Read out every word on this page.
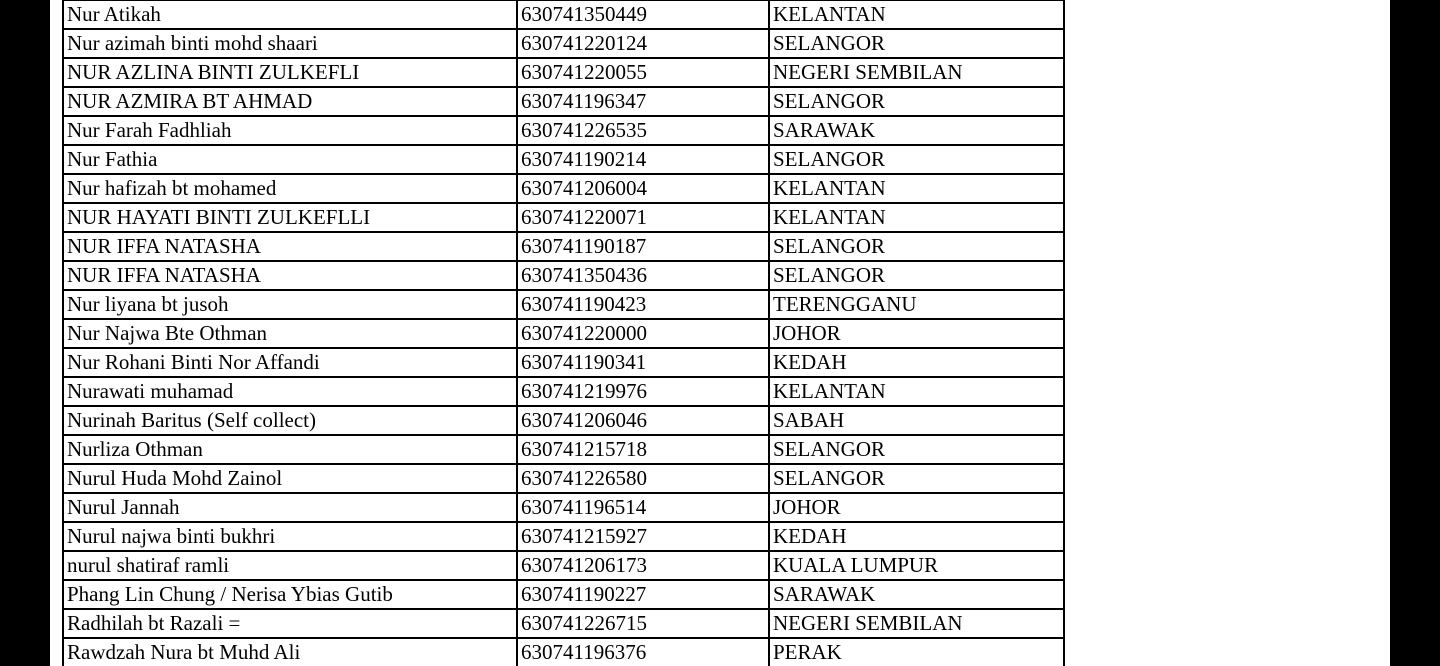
Nur Atikah	630741350449	KELANTAN
Nur azimah binti mohd shaari	630741220124	SELANGOR
NUR AZLINA BINTI ZULKEFLI	630741220055	NEGERI SEMBILAN
NUR AZMIRA BT AHMAD	630741196347	SELANGOR
Nur Farah Fadhliah	630741226535	SARAWAK
Nur Fathia	630741190214	SELANGOR
Nur hafizah bt mohamed	630741206004	KELANTAN
NUR HAYATI BINTI ZULKEFLLI	630741220071	KELANTAN
NUR IFFA NATASHA	630741190187	SELANGOR
NUR IFFA NATASHA	630741350436	SELANGOR
Nur liyana bt jusoh	630741190423	TERENGGANU
Nur Najwa Bte Othman	630741220000	JOHOR
Nur Rohani Binti Nor Affandi	630741190341	KEDAH
Nurawati muhamad	630741219976	KELANTAN
Nurinah Baritus (Self collect)	630741206046	SABAH
Nurliza Othman	630741215718	SELANGOR
Nurul Huda Mohd Zainol	630741226580	SELANGOR
Nurul Jannah	630741196514	JOHOR
Nurul najwa binti bukhri	630741215927	KEDAH
nurul shatiraf ramli	630741206173	KUALA LUMPUR
Phang Lin Chung / Nerisa Ybias Gutib	630741190227	SARAWAK
Radhilah bt Razali =	630741226715	NEGERI SEMBILAN
Rawdzah Nura bt Muhd Ali	630741196376	PERAK
